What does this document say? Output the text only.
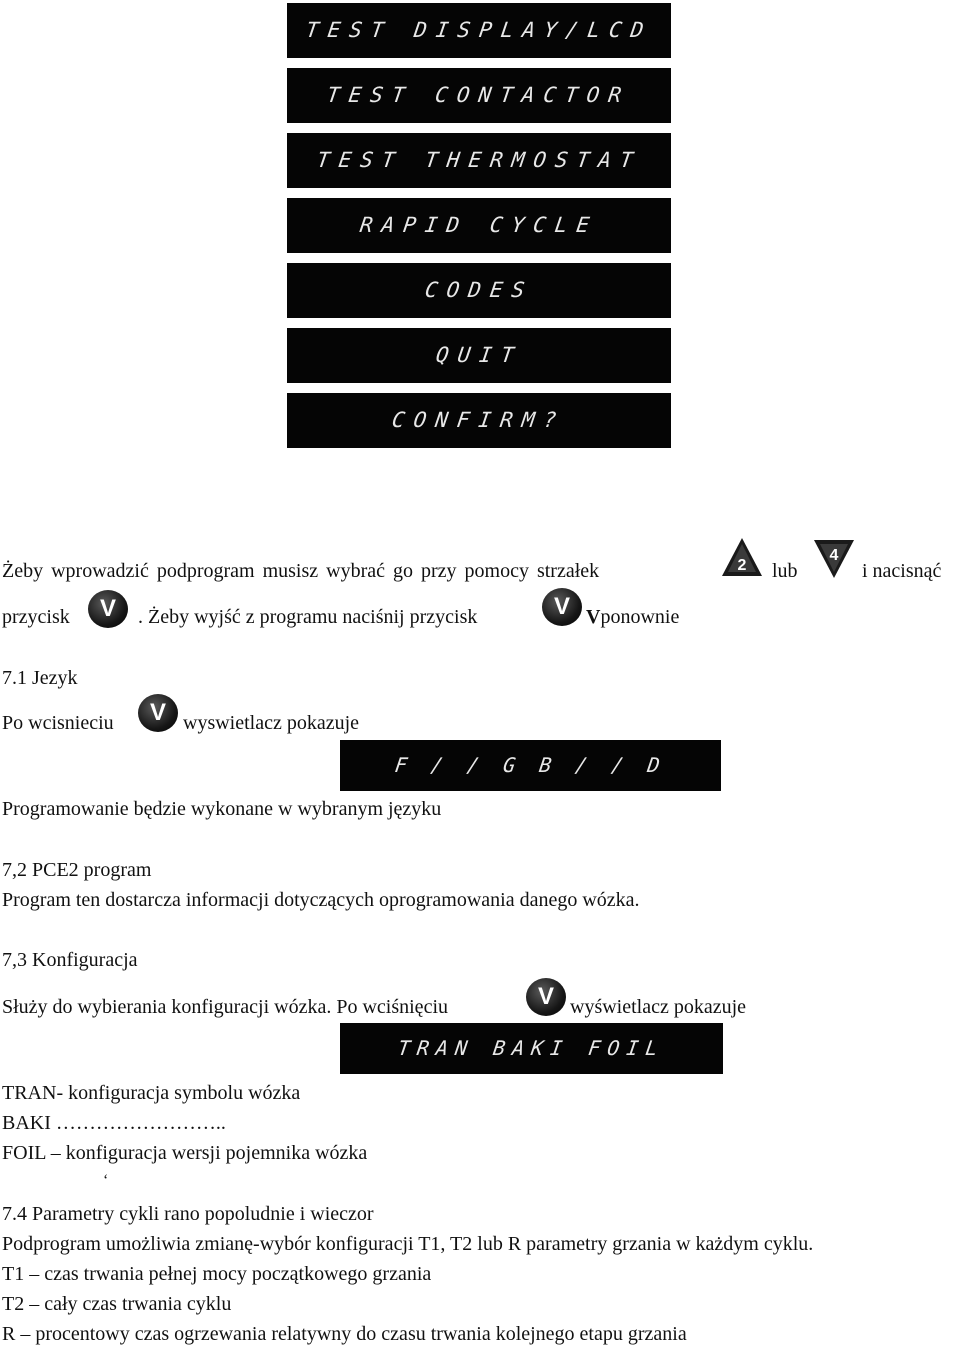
TEST DISPLAY/LCD
TEST CONTACTOR
TEST THERMOSTAT
RAPID CYCLE
CODES
QUIT
CONFIRM?
Żeby wprowadzić podprogram musisz wybrać go przy pomocy strzałek	2 lub
4
i nacisnąć
przycisk	V	. Żeby wyjść z programu naciśnij przycisk	V Vponownie
7.1 Jezyk
Po wcisnieciu	V wyswietlacz pokazuje
F / / G B / / D
Programowanie będzie wykonane w wybranym języku
7,2 PCE2 program
Program ten dostarcza informacji dotyczących oprogramowania danego wózka.
7,3 Konfiguracja
Służy do wybierania konfiguracji wózka. Po wciśnięciu	V wyświetlacz pokazuje
TRAN BAKI FOIL
TRAN- konfiguracja symbolu wózka
BAKI ……………………..
FOIL – konfiguracja wersji pojemnika wózka
‘
7.4 Parametry cykli rano popoludnie i wieczor
Podprogram umożliwia zmianę-wybór konfiguracji T1, T2 lub R parametry grzania w każdym cyklu.
T1 – czas trwania pełnej mocy początkowego grzania
T2 – cały czas trwania cyklu
R – procentowy czas ogrzewania relatywny do czasu trwania kolejnego etapu grzania
